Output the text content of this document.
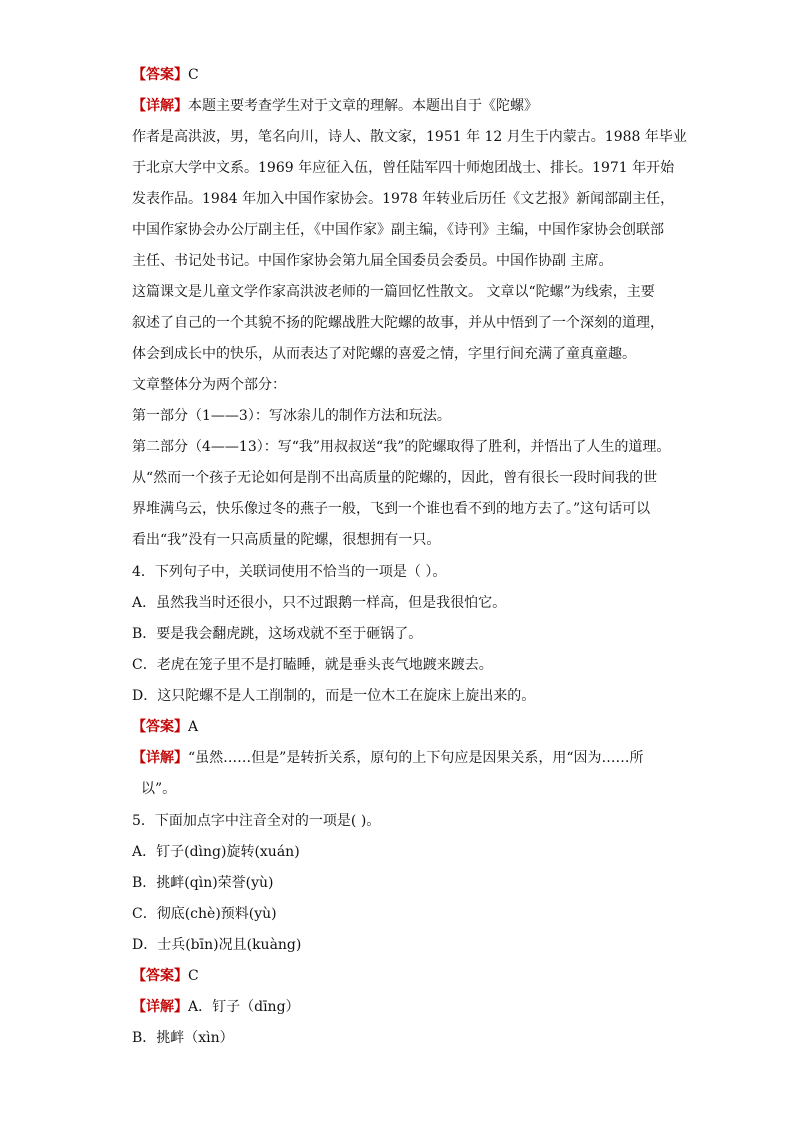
【答案】C
【详解】本题主要考查学生对于文章的理解。本题出自于《陀螺》
作者是高洪波，男，笔名向川，诗人、散文家，1951 年 12 月生于内蒙古。1988 年毕业
于北京大学中文系。1969 年应征入伍，曾任陆军四十师炮团战士、排长。1971 年开始
发表作品。1984 年加入中国作家协会。1978 年转业后历任《文艺报》新闻部副主任，
中国作家协会办公厅副主任，《中国作家》副主编，《诗刊》主编，中国作家协会创联部
主任、书记处书记。中国作家协会第九届全国委员会委员。中国作协副 主席。
这篇课文是儿童文学作家高洪波老师的一篇回忆性散文。 文章以“陀螺”为线索，主要
叙述了自己的一个其貌不扬的陀螺战胜大陀螺的故事，并从中悟到了一个深刻的道理，
体会到成长中的快乐，从而表达了对陀螺的喜爱之情，字里行间充满了童真童趣。
文章整体分为两个部分：
第一部分（1——3）：写冰尜儿的制作方法和玩法。
第二部分（4——13）：写“我”用叔叔送“我”的陀螺取得了胜利，并悟出了人生的道理。
从“然而一个孩子无论如何是削不出高质量的陀螺的，因此，曾有很长一段时间我的世
界堆满乌云，快乐像过冬的燕子一般，飞到一个谁也看不到的地方去了。”这句话可以
看出“我”没有一只高质量的陀螺，很想拥有一只。
4．下列句子中，关联词使用不恰当的一项是（ ）。
A．虽然我当时还很小，只不过跟鹅一样高，但是我很怕它。
B．要是我会翻虎跳，这场戏就不至于砸锅了。
C．老虎在笼子里不是打瞌睡，就是垂头丧气地踱来踱去。
D．这只陀螺不是人工削制的，而是一位木工在旋床上旋出来的。
【答案】A
【详解】“虽然……但是”是转折关系，原句的上下句应是因果关系，用“因为……所
以”。
5．下面加点字中注音全对的一项是( )。
A．钉子(dìng)旋转(xuán)
B．挑衅(qìn)荣誉(yù)
C．彻底(chè)预料(yù)
D．士兵(bīn)况且(kuàng)
【答案】C
【详解】A．钉子（dīng）
B．挑衅（xìn）
